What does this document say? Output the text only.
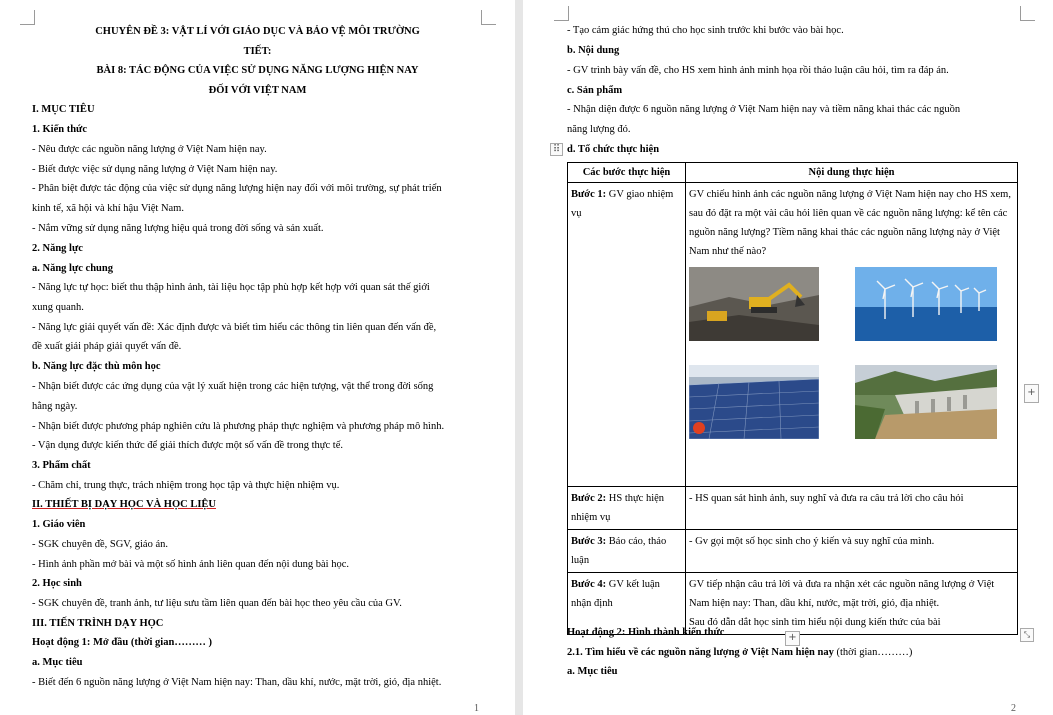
CHUYÊN ĐỀ 3: VẬT LÍ VỚI GIÁO DỤC VÀ BẢO VỆ MÔI TRƯỜNG
TIẾT:
BÀI 8: TÁC ĐỘNG CỦA VIỆC SỬ DỤNG NĂNG LƯỢNG HIỆN NAY
ĐỐI VỚI VIỆT NAM
I. MỤC TIÊU
1. Kiến thức
- Nêu được các nguồn năng lượng ở Việt Nam hiện nay.
- Biết được việc sử dụng năng lượng ở Việt Nam hiện nay.
- Phân biệt được tác động của việc sử dụng năng lượng hiện nay đối với môi trường, sự phát triển
kinh tế, xã hội và khí hậu Việt Nam.
- Nắm vững sử dụng năng lượng hiệu quả trong đời sống và sản xuất.
2. Năng lực
a. Năng lực chung
- Năng lực tự học: biết thu thập hình ảnh, tài liệu học tập phù hợp kết hợp với quan sát thế giới
xung quanh.
- Năng lực giải quyết vấn đề: Xác định được và biết tìm hiểu các thông tin liên quan đến vấn đề,
đề xuất giải pháp giải quyết vấn đề.
b. Năng lực đặc thù môn học
- Nhận biết được các ứng dụng của vật lý xuất hiện trong các hiện tượng, vật thể trong đời sống
hằng ngày.
- Nhận biết được phương pháp nghiên cứu là phương pháp thực nghiệm và phương pháp mô hình.
- Vận dụng được kiến thức để giải thích được một số vấn đề trong thực tế.
3. Phẩm chất
- Chăm chỉ, trung thực, trách nhiệm trong học tập và thực hiện nhiệm vụ.
II. THIẾT BỊ DẠY HỌC VÀ HỌC LIỆU
1. Giáo viên
- SGK chuyên đề, SGV, giáo án.
- Hình ảnh phần mở bài và một số hình ảnh liên quan đến nội dung bài học.
2. Học sinh
- SGK chuyên đề, tranh ảnh, tư liệu sưu tầm liên quan đến bài học theo yêu cầu của GV.
III. TIẾN TRÌNH DẠY HỌC
Hoạt động 1: Mở đầu (thời gian……… )
a. Mục tiêu
- Biết đến 6 nguồn năng lượng ở Việt Nam hiện nay: Than, dầu khí, nước, mặt trời, gió, địa nhiệt.
1
- Tạo cảm giác hứng thú cho học sinh trước khi bước vào bài học.
b. Nội dung
- GV trình bày vấn đề, cho HS xem hình ảnh minh họa rồi thảo luận câu hỏi, tìm ra đáp án.
c. Sản phẩm
- Nhận diện được 6 nguồn năng lượng ở Việt Nam hiện nay và tiềm năng khai thác các nguồn
năng lượng đó.
d. Tổ chức thực hiện
⠿
Các bước thực hiện	Nội dung thực hiện
Bước 1: GV giao nhiệm vụ	GV chiếu hình ảnh các nguồn năng lượng ở Việt Nam hiện nay cho HS xem, sau đó đặt ra một vài câu hỏi liên quan về các nguồn năng lượng: kể tên các nguồn năng lượng? Tiềm năng khai thác các nguồn năng lượng này ở Việt Nam như thế nào?

Bước 2: HS thực hiện nhiệm vụ	- HS quan sát hình ảnh, suy nghĩ và đưa ra câu trả lời cho câu hỏi

Bước 3: Báo cáo, thảo luận	- Gv gọi một số học sinh cho ý kiến và suy nghĩ của mình.

Bước 4: GV kết luận nhận định	GV tiếp nhận câu trả lời và đưa ra nhận xét các nguồn năng lượng ở Việt Nam hiện nay: Than, dầu khí, nước, mặt trời, gió, địa nhiệt.
Sau đó dẫn dắt học sinh tìm hiểu nội dung kiến thức của bài
Hoạt động 2: Hình thành kiến thức
2.1. Tìm hiểu về các nguồn năng lượng ở Việt Nam hiện nay (thời gian………)
a. Mục tiêu
+
+
⤡
2
